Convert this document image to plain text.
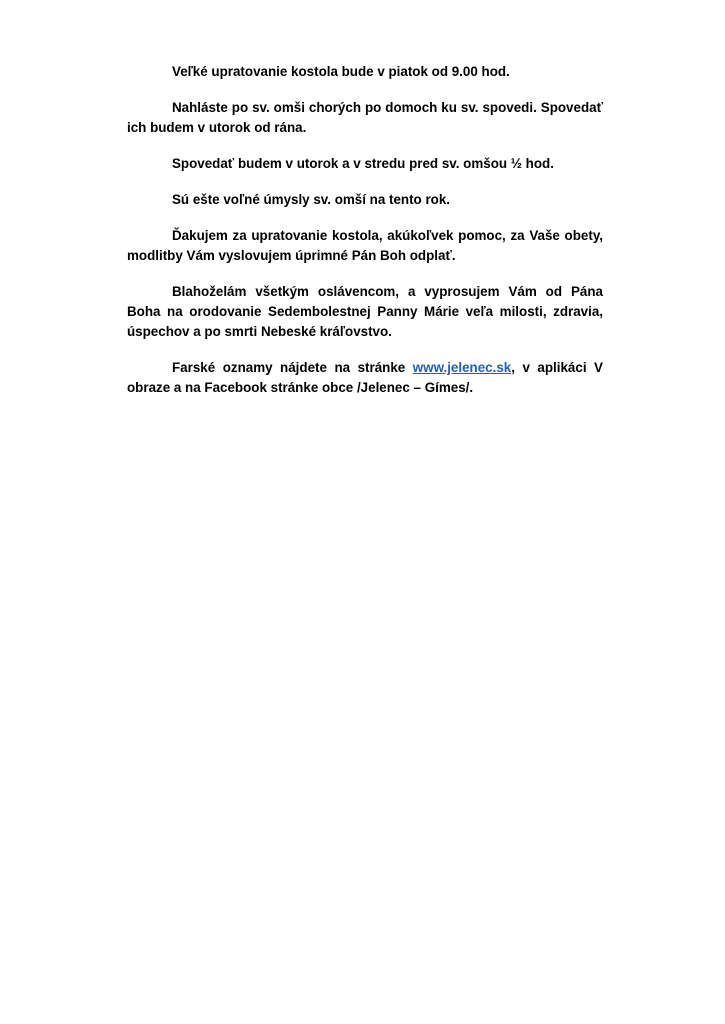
Veľké upratovanie kostola bude v piatok od 9.00 hod.

Nahláste po sv. omši chorých po domoch ku sv. spovedi. Spovedať ich budem v utorok od rána.

Spovedať budem v utorok a v stredu pred sv. omšou ½ hod.

Sú ešte voľné úmysly sv. omší na tento rok.

Ďakujem za upratovanie kostola, akúkoľvek pomoc, za Vaše obety, modlitby Vám vyslovujem úprimné Pán Boh odplať.

Blahoželám všetkým oslávencom, a vyprosujem Vám od Pána Boha na orodovanie Sedembolestnej Panny Márie veľa milosti, zdravia, úspechov a po smrti Nebeské kráľovstvo.

Farské oznamy nájdete na stránke www.jelenec.sk, v aplikáci V obraze a na Facebook stránke obce /Jelenec – Gímes/.
